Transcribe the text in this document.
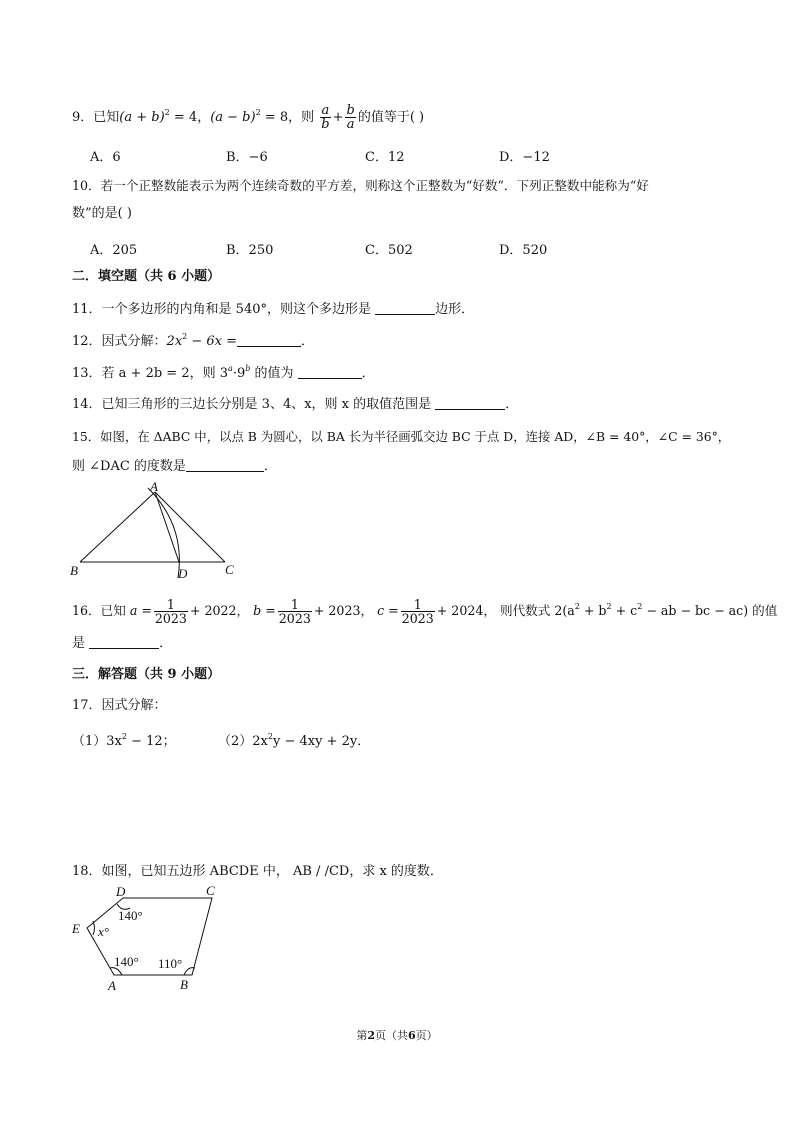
9．已知$(a + b)^2 = 4$，$(a - b)^2 = 8$，则 $\frac{a}{b} + \frac{b}{a}$ 的值等于( )
A．6	B．−6	C．12	D．−12
10．若一个正整数能表示为两个连续奇数的平方差，则称这个正整数为“好数”．下列正整数中能称为“好
数”的是( )
A．205	B．250	C．502	D．520
二．填空题（共 6 小题）
11．一个多边形的内角和是 540°，则这个多边形是	边形．
12．因式分解：$2x^2 - 6x$ =	．
13．若 a + 2b = 2，则 $3^a\cdot 9^b$ 的值为	．
14．已知三角形的三边长分别是 3、4、x，则 x 的取值范围是	．
15．如图，在 ΔABC 中，以点 B 为圆心，以 BA 长为半径画弧交边 BC 于点 D，连接 AD，∠B = 40°，∠C = 36°，
则 ∠DAC 的度数是	．
A
B	C
D
16．已知 $a = \frac{1}{2023} + 2022$， $b = \frac{1}{2023} + 2023$， $c = \frac{1}{2023} + 2024$， 则代数式 $2(a^2 + b^2 + c^2$ − ab − bc − ac) 的值
是	．
三．解答题（共 9 小题）
17．因式分解：
$(1)3x^2 - 12$；	$(2)2x^2y - 4xy + 2y$．
18．如图，已知五边形 ABCDE 中， AB / /CD，求 x 的度数．
D	C
E
A	B
140°
x°
140° 110°
第2页（共6页）
